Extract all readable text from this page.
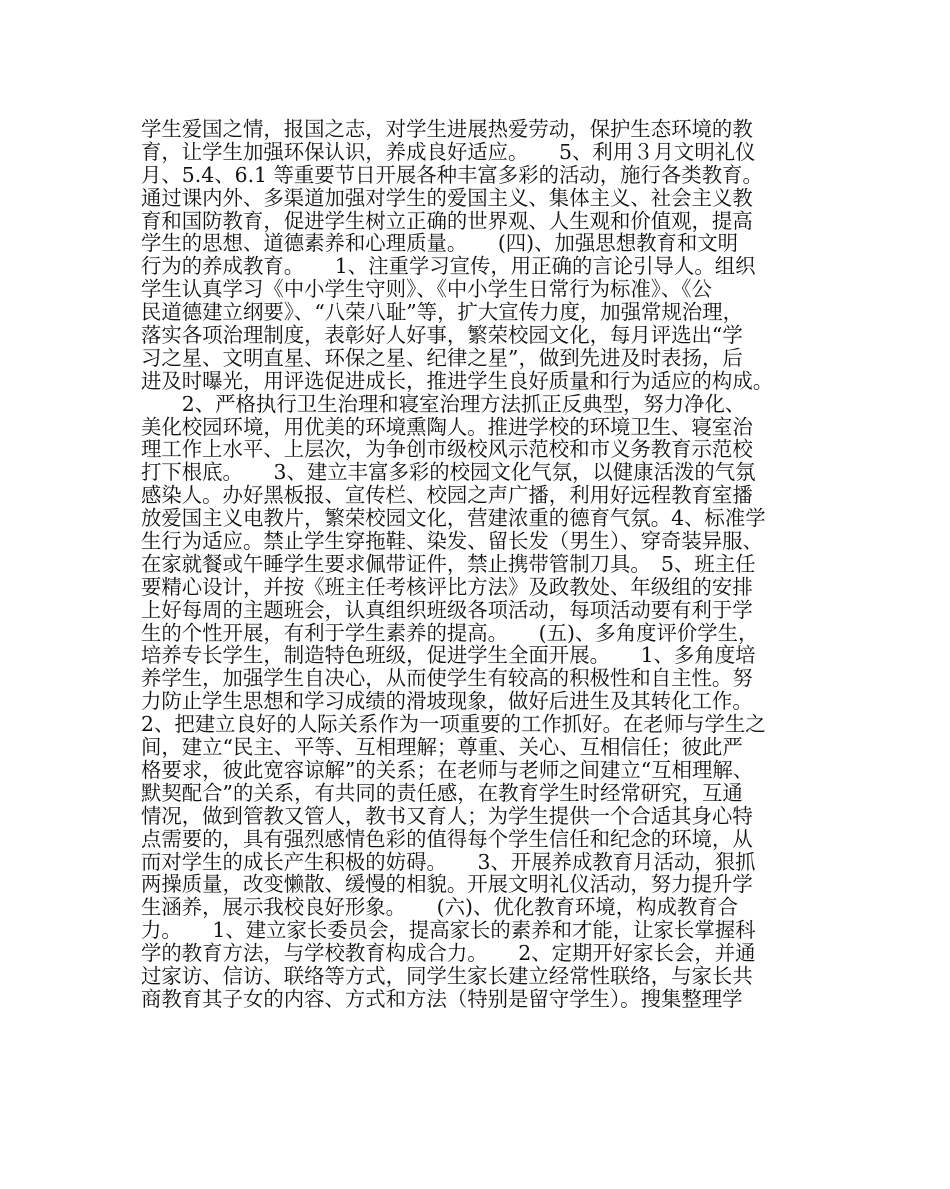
学生爱国之情，报国之志，对学生进展热爱劳动，保护生态环境的教
育，让学生加强环保认识，养成良好适应。　　5、利用３月文明礼仪
月、5.4、6.1 等重要节日开展各种丰富多彩的活动，施行各类教育。
通过课内外、多渠道加强对学生的爱国主义、集体主义、社会主义教
育和国防教育，促进学生树立正确的世界观、人生观和价值观，提高
学生的思想、道德素养和心理质量。　　(四)、加强思想教育和文明
行为的养成教育。　　1、注重学习宣传，用正确的言论引导人。组织
学生认真学习《中小学生守则》、《中小学生日常行为标准》、《公
民道德建立纲要》、“八荣八耻”等，扩大宣传力度，加强常规治理，
落实各项治理制度，表彰好人好事，繁荣校园文化，每月评选出“学
习之星、文明直星、环保之星、纪律之星”，做到先进及时表扬，后
进及时曝光，用评选促进成长，推进学生良好质量和行为适应的构成。
　　2、严格执行卫生治理和寝室治理方法抓正反典型，努力净化、
美化校园环境，用优美的环境熏陶人。推进学校的环境卫生、寝室治
理工作上水平、上层次，为争创市级校风示范校和市义务教育示范校
打下根底。　　3、建立丰富多彩的校园文化气氛，以健康活泼的气氛
感染人。办好黑板报、宣传栏、校园之声广播，利用好远程教育室播
放爱国主义电教片，繁荣校园文化，营建浓重的德育气氛。4、标准学
生行为适应。禁止学生穿拖鞋、染发、留长发（男生）、穿奇装异服、
在家就餐或午睡学生要求佩带证件，禁止携带管制刀具。　5、班主任
要精心设计，并按《班主任考核评比方法》及政教处、年级组的安排
上好每周的主题班会，认真组织班级各项活动，每项活动要有利于学
生的个性开展，有利于学生素养的提高。　　(五)、多角度评价学生，
培养专长学生，制造特色班级，促进学生全面开展。　　1、多角度培
养学生，加强学生自决心，从而使学生有较高的积极性和自主性。努
力防止学生思想和学习成绩的滑坡现象，做好后进生及其转化工作。
2、把建立良好的人际关系作为一项重要的工作抓好。在老师与学生之
间，建立“民主、平等、互相理解；尊重、关心、互相信任；彼此严
格要求，彼此宽容谅解”的关系；在老师与老师之间建立“互相理解、
默契配合”的关系，有共同的责任感，在教育学生时经常研究，互通
情况，做到管教又管人，教书又育人；为学生提供一个合适其身心特
点需要的，具有强烈感情色彩的值得每个学生信任和纪念的环境，从
而对学生的成长产生积极的妨碍。　　3、开展养成教育月活动，狠抓
两操质量，改变懒散、缓慢的相貌。开展文明礼仪活动，努力提升学
生涵养，展示我校良好形象。　　(六)、优化教育环境，构成教育合
力。　　1、建立家长委员会，提高家长的素养和才能，让家长掌握科
学的教育方法，与学校教育构成合力。　　2、定期开好家长会，并通
过家访、信访、联络等方式，同学生家长建立经常性联络，与家长共
商教育其子女的内容、方式和方法（特别是留守学生）。搜集整理学
